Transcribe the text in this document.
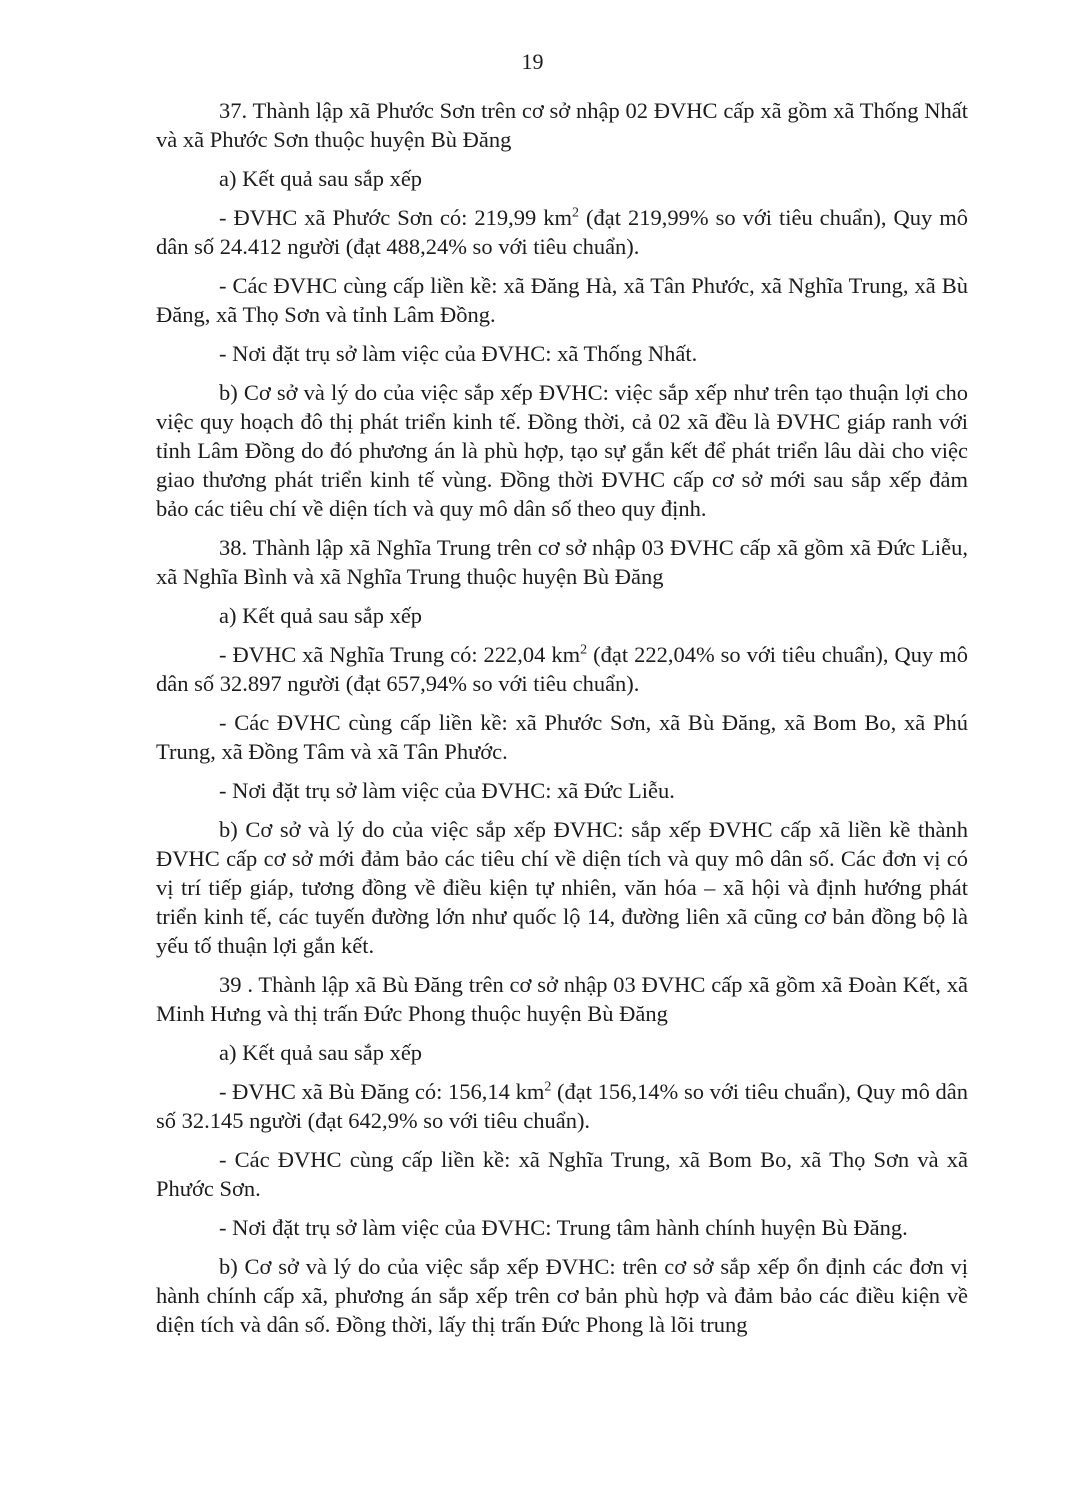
19

37. Thành lập xã Phước Sơn trên cơ sở nhập 02 ĐVHC cấp xã gồm xã Thống Nhất và xã Phước Sơn thuộc huyện Bù Đăng

a) Kết quả sau sắp xếp

- ĐVHC xã Phước Sơn có: 219,99 $km^2$ (đạt 219,99% so với tiêu chuẩn), Quy mô dân số 24.412 người (đạt 488,24% so với tiêu chuẩn).

- Các ĐVHC cùng cấp liền kề: xã Đăng Hà, xã Tân Phước, xã Nghĩa Trung, xã Bù Đăng, xã Thọ Sơn và tỉnh Lâm Đồng.

- Nơi đặt trụ sở làm việc của ĐVHC: xã Thống Nhất.

b) Cơ sở và lý do của việc sắp xếp ĐVHC: việc sắp xếp như trên tạo thuận lợi cho việc quy hoạch đô thị phát triển kinh tế. Đồng thời, cả 02 xã đều là ĐVHC giáp ranh với tỉnh Lâm Đồng do đó phương án là phù hợp, tạo sự gắn kết để phát triển lâu dài cho việc giao thương phát triển kinh tế vùng. Đồng thời ĐVHC cấp cơ sở mới sau sắp xếp đảm bảo các tiêu chí về diện tích và quy mô dân số theo quy định.

38. Thành lập xã Nghĩa Trung trên cơ sở nhập 03 ĐVHC cấp xã gồm xã Đức Liễu, xã Nghĩa Bình và xã Nghĩa Trung thuộc huyện Bù Đăng

a) Kết quả sau sắp xếp

- ĐVHC xã Nghĩa Trung có: 222,04 $km^2$ (đạt 222,04% so với tiêu chuẩn), Quy mô dân số 32.897 người (đạt 657,94% so với tiêu chuẩn).

- Các ĐVHC cùng cấp liền kề: xã Phước Sơn, xã Bù Đăng, xã Bom Bo, xã Phú Trung, xã Đồng Tâm và xã Tân Phước.

- Nơi đặt trụ sở làm việc của ĐVHC: xã Đức Liễu.

b) Cơ sở và lý do của việc sắp xếp ĐVHC: sắp xếp ĐVHC cấp xã liền kề thành ĐVHC cấp cơ sở mới đảm bảo các tiêu chí về diện tích và quy mô dân số. Các đơn vị có vị trí tiếp giáp, tương đồng về điều kiện tự nhiên, văn hóa – xã hội và định hướng phát triển kinh tế, các tuyến đường lớn như quốc lộ 14, đường liên xã cũng cơ bản đồng bộ là yếu tố thuận lợi gắn kết.

39 . Thành lập xã Bù Đăng trên cơ sở nhập 03 ĐVHC cấp xã gồm xã Đoàn Kết, xã Minh Hưng và thị trấn Đức Phong thuộc huyện Bù Đăng

a) Kết quả sau sắp xếp

- ĐVHC xã Bù Đăng có: 156,14 $km^2$ (đạt 156,14% so với tiêu chuẩn), Quy mô dân số 32.145 người (đạt 642,9% so với tiêu chuẩn).

- Các ĐVHC cùng cấp liền kề: xã Nghĩa Trung, xã Bom Bo, xã Thọ Sơn và xã Phước Sơn.

- Nơi đặt trụ sở làm việc của ĐVHC: Trung tâm hành chính huyện Bù Đăng.

b) Cơ sở và lý do của việc sắp xếp ĐVHC: trên cơ sở sắp xếp ổn định các đơn vị hành chính cấp xã, phương án sắp xếp trên cơ bản phù hợp và đảm bảo các điều kiện về diện tích và dân số. Đồng thời, lấy thị trấn Đức Phong là lõi trung
